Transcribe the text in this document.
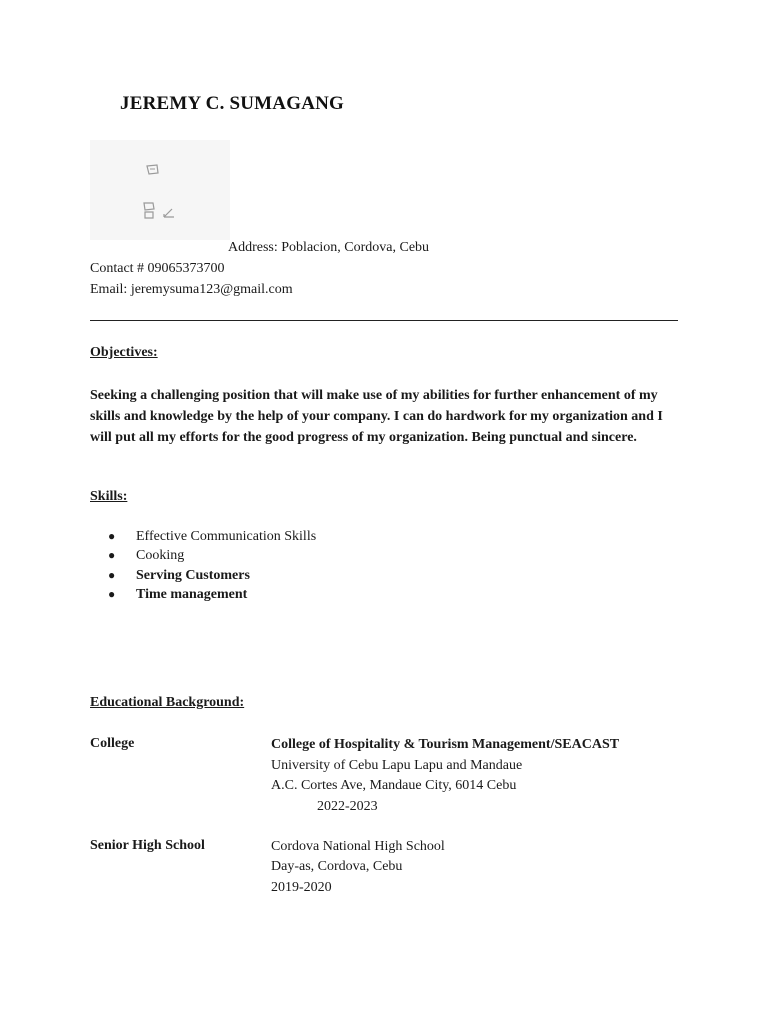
JEREMY C. SUMAGANG
Address: Poblacion, Cordova, Cebu
Contact # 09065373700
Email: jeremysuma123@gmail.com
Objectives:
Seeking a challenging position that will make use of my abilities for further enhancement of my skills and knowledge by the help of your company. I can do hardwork for my organization and I will put all my efforts for the good progress of my organization. Being punctual and sincere.
Skills:
● Effective Communication Skills
● Cooking
● Serving Customers
● Time management
Educational Background:
College	College of Hospitality & Tourism Management/SEACAST
University of Cebu Lapu Lapu and Mandaue
A.C. Cortes Ave, Mandaue City, 6014 Cebu
2022-2023
Senior High School	Cordova National High School
Day-as, Cordova, Cebu
2019-2020
